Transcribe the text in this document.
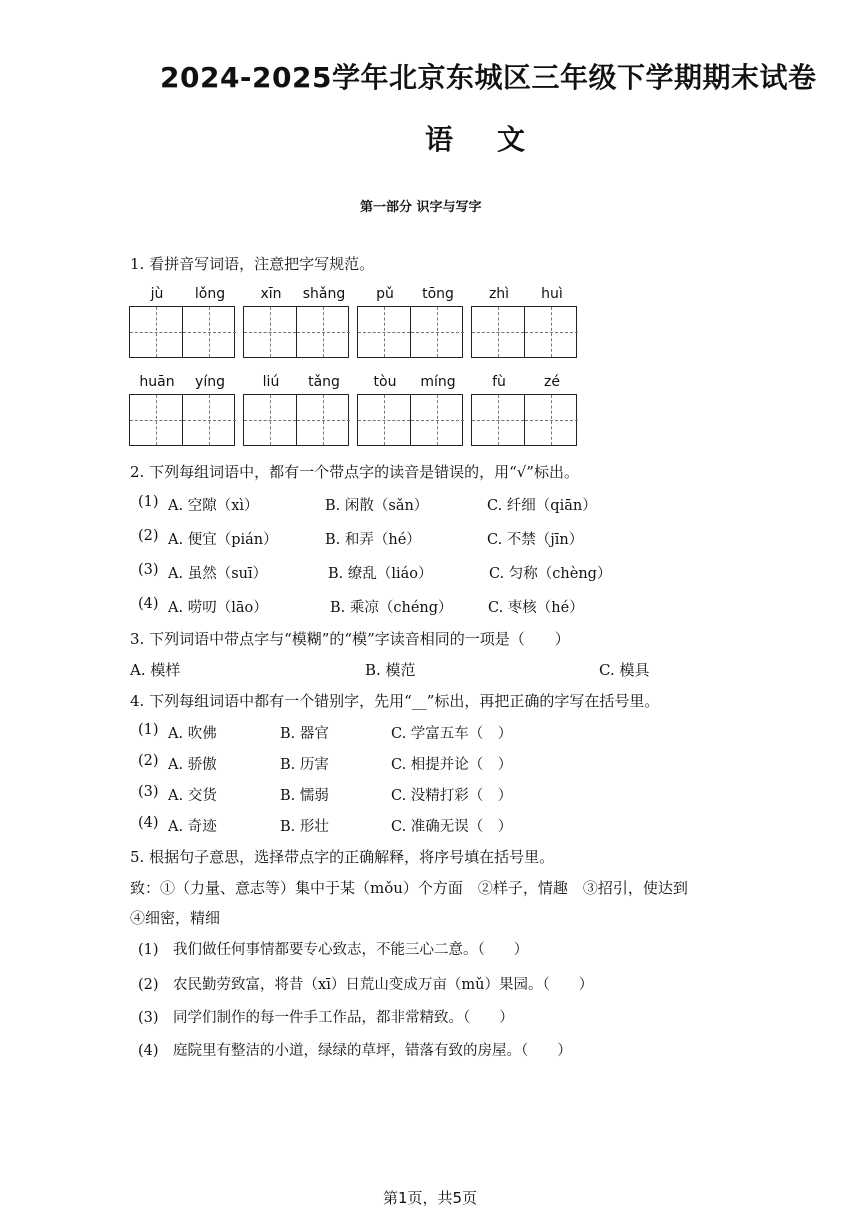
2024-2025学年北京东城区三年级下学期期末试卷
语文
第一部分 识字与写字
1. 看拼音写词语，注意把字写规范。
jù	lǒng	xīn	shǎng	pǔ	tōng	zhì	huì
huān	yíng	liú	tǎng	tòu	míng	fù	zé
2. 下列每组词语中，都有一个带点字的读音是错误的，用“√”标出。
(1) A. 空隙（xì）	B. 闲散（sǎn）	C. 纤细（qiān）
(2) A. 便宜（pián）	B. 和弄（hé）	C. 不禁（jīn）
(3) A. 虽然（suī）	B. 缭乱（liáo）	C. 匀称（chèng）
(4) A. 唠叨（lāo）	B. 乘凉（chéng） C. 枣核（hé）
3. 下列词语中带点字与“模糊”的“模”字读音相同的一项是（　　）
A. 模样	B. 模范	C. 模具
4. 下列每组词语中都有一个错别字，先用“__”标出，再把正确的字写在括号里。
(1) A. 吹佛	B. 器官	C. 学富五车（　）
(2) A. 骄傲	B. 历害	C. 相提并论（　）
(3) A. 交货	B. 懦弱	C. 没精打彩（　）
(4) A. 奇迹	B. 形壮	C. 准确无误（　）
5. 根据句子意思，选择带点字的正确解释，将序号填在括号里。
致：①（力量、意志等）集中于某（mǒu）个方面　②样子，情趣　③招引，使达到
④细密，精细
(1)　我们做任何事情都要专心致志，不能三心二意。（　　）
(2)　农民勤劳致富，将昔（xī）日荒山变成万亩（mǔ）果园。（　　）
(3)　同学们制作的每一件手工作品，都非常精致。（　　）
(4)　庭院里有整洁的小道，绿绿的草坪，错落有致的房屋。（　　）
第1页，共5页
